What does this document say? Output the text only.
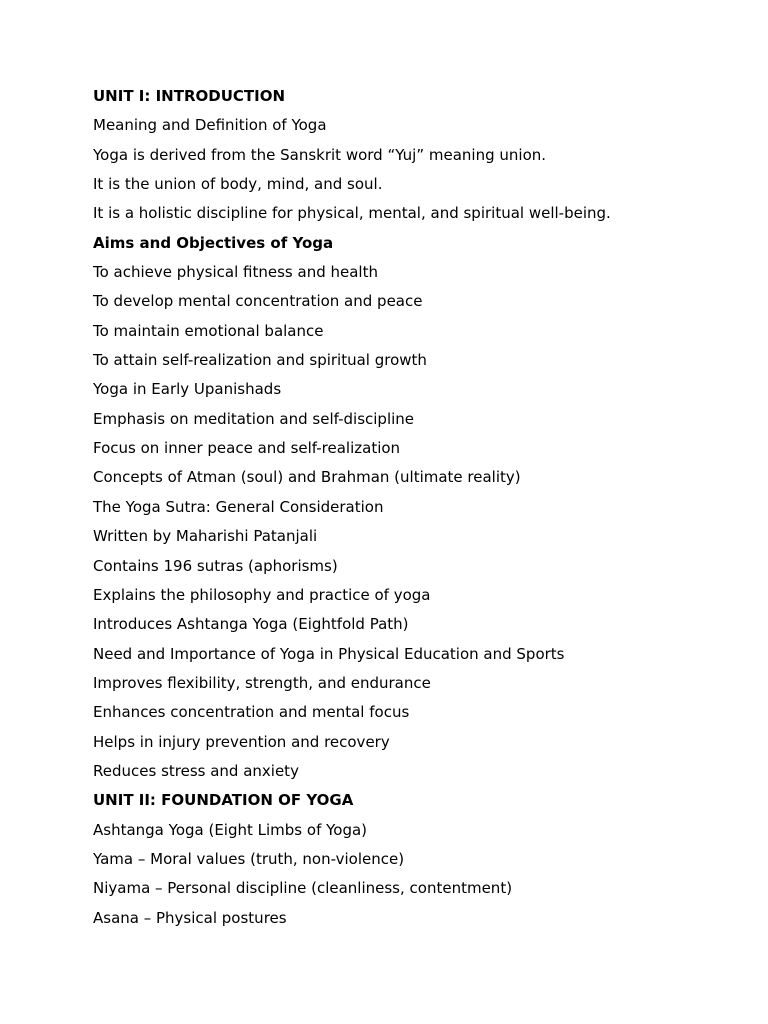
UNIT I: INTRODUCTION
Meaning and Definition of Yoga
Yoga is derived from the Sanskrit word “Yuj” meaning union.
It is the union of body, mind, and soul.
It is a holistic discipline for physical, mental, and spiritual well-being.
Aims and Objectives of Yoga
To achieve physical fitness and health
To develop mental concentration and peace
To maintain emotional balance
To attain self-realization and spiritual growth
Yoga in Early Upanishads
Emphasis on meditation and self-discipline
Focus on inner peace and self-realization
Concepts of Atman (soul) and Brahman (ultimate reality)
The Yoga Sutra: General Consideration
Written by Maharishi Patanjali
Contains 196 sutras (aphorisms)
Explains the philosophy and practice of yoga
Introduces Ashtanga Yoga (Eightfold Path)
Need and Importance of Yoga in Physical Education and Sports
Improves flexibility, strength, and endurance
Enhances concentration and mental focus
Helps in injury prevention and recovery
Reduces stress and anxiety
UNIT II: FOUNDATION OF YOGA
Ashtanga Yoga (Eight Limbs of Yoga)
Yama – Moral values (truth, non-violence)
Niyama – Personal discipline (cleanliness, contentment)
Asana – Physical postures
